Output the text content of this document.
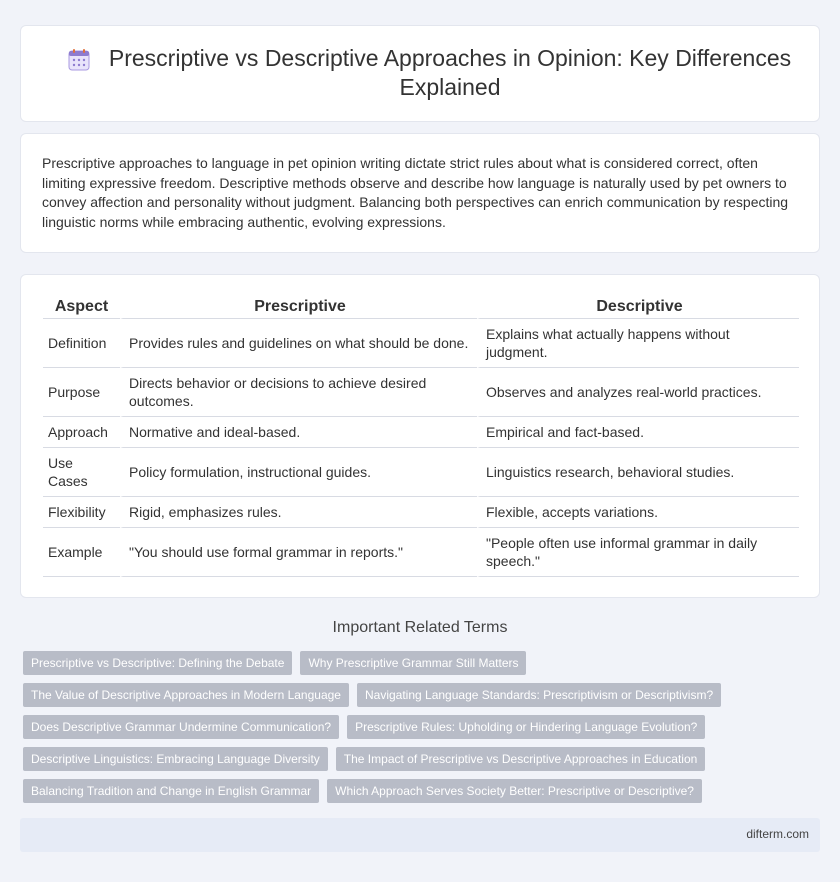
Prescriptive vs Descriptive Approaches in Opinion: Key Differences Explained

Prescriptive approaches to language in pet opinion writing dictate strict rules about what is considered correct, often limiting expressive freedom. Descriptive methods observe and describe how language is naturally used by pet owners to convey affection and personality without judgment. Balancing both perspectives can enrich communication by respecting linguistic norms while embracing authentic, evolving expressions.

Aspect	Prescriptive	Descriptive
Definition	Provides rules and guidelines on what should be done.	Explains what actually happens without judgment.
Purpose	Directs behavior or decisions to achieve desired outcomes.	Observes and analyzes real-world practices.
Approach	Normative and ideal-based.	Empirical and fact-based.
Use Cases	Policy formulation, instructional guides.	Linguistics research, behavioral studies.
Flexibility	Rigid, emphasizes rules.	Flexible, accepts variations.
Example	"You should use formal grammar in reports."	"People often use informal grammar in daily speech."
Important Related Terms
Prescriptive vs Descriptive: Defining the Debate	Why Prescriptive Grammar Still Matters
The Value of Descriptive Approaches in Modern Language	Navigating Language Standards: Prescriptivism or Descriptivism?
Does Descriptive Grammar Undermine Communication?	Prescriptive Rules: Upholding or Hindering Language Evolution?
Descriptive Linguistics: Embracing Language Diversity	The Impact of Prescriptive vs Descriptive Approaches in Education
Balancing Tradition and Change in English Grammar	Which Approach Serves Society Better: Prescriptive or Descriptive?
difterm.com
